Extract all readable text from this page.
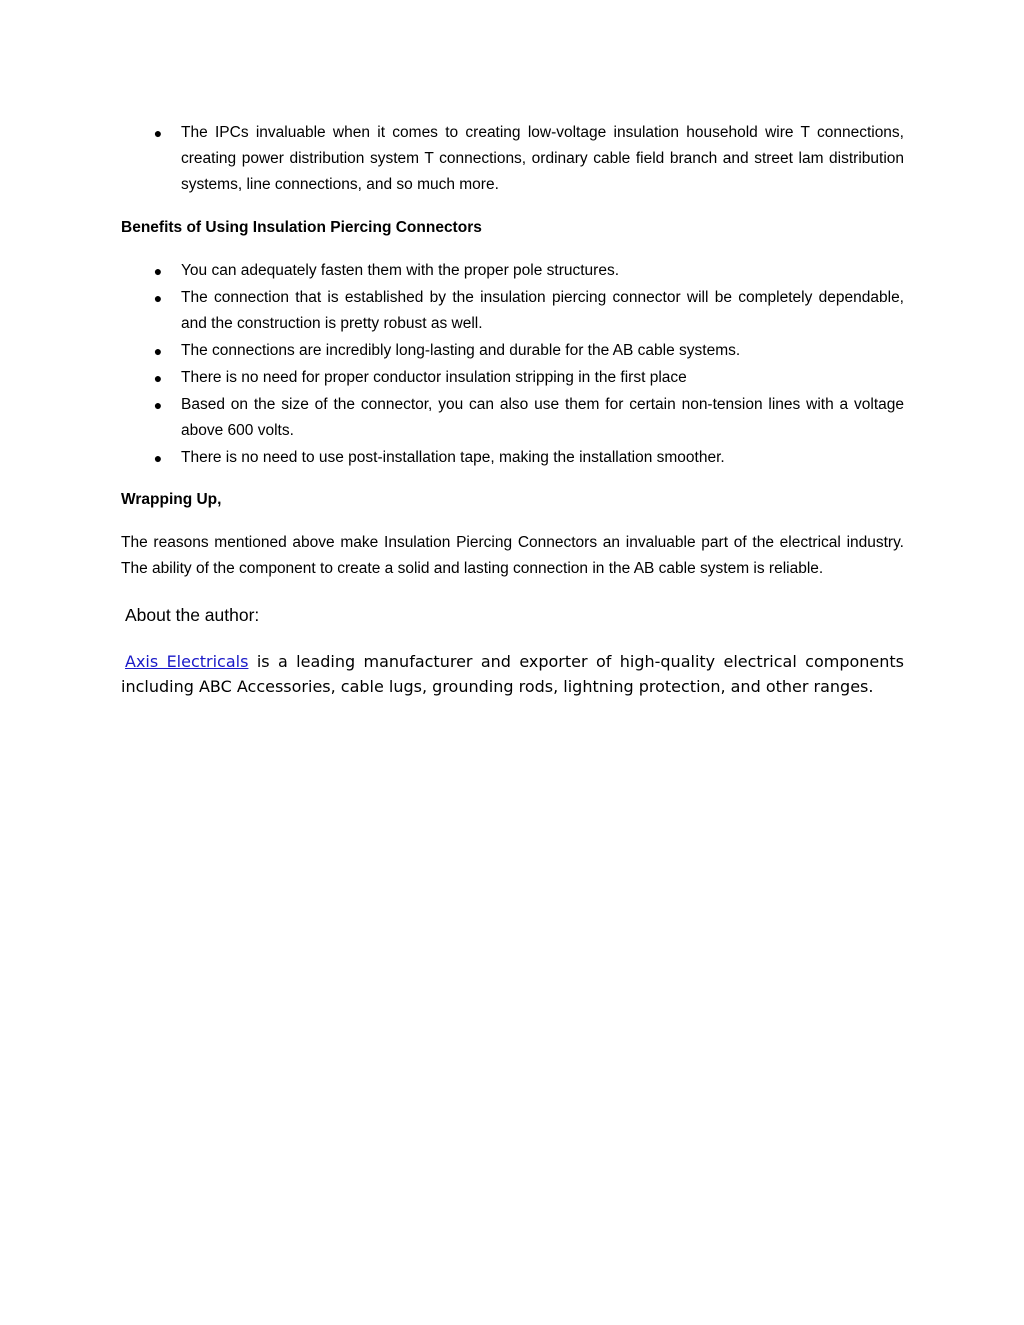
● The IPCs invaluable when it comes to creating low-voltage insulation household wire T connections, creating power distribution system T connections, ordinary cable field branch and street lam distribution systems, line connections, and so much more.

Benefits of Using Insulation Piercing Connectors

● You can adequately fasten them with the proper pole structures.
● The connection that is established by the insulation piercing connector will be completely dependable, and the construction is pretty robust as well.
● The connections are incredibly long-lasting and durable for the AB cable systems.
● There is no need for proper conductor insulation stripping in the first place
● Based on the size of the connector, you can also use them for certain non-tension lines with a voltage above 600 volts.
● There is no need to use post-installation tape, making the installation smoother.

Wrapping Up,

The reasons mentioned above make Insulation Piercing Connectors an invaluable part of the electrical industry. The ability of the component to create a solid and lasting connection in the AB cable system is reliable.

About the author:

Axis Electricals is a leading manufacturer and exporter of high-quality electrical components including ABC Accessories, cable lugs, grounding rods, lightning protection, and other ranges.
